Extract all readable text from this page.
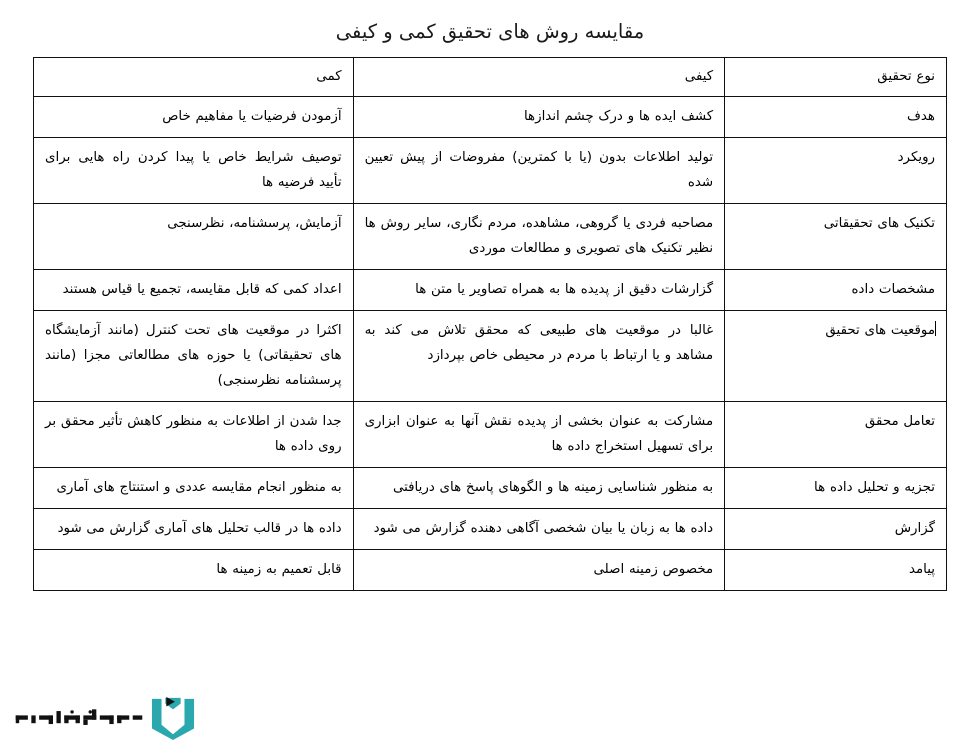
مقایسه روش های تحقیق کمی و کیفی
نوع تحقیق	کیفی	کمی
هدف	کشف ایده ها و درک چشم اندازها	آزمودن فرضیات یا مفاهیم خاص
رویکرد	تولید اطلاعات بدون (یا با کمترین) مفروضات از پیش تعیین شده	توصیف شرایط خاص یا پیدا کردن راه هایی برای تأیید فرضیه ها
تکنیک های تحقیقاتی	مصاحبه فردی یا گروهی، مشاهده، مردم نگاری، سایر روش ها نظیر تکنیک های تصویری و مطالعات موردی	آزمایش، پرسشنامه، نظرسنجی
مشخصات داده	گزارشات دقیق از پدیده ها به همراه تصاویر یا متن ها	اعداد کمی که قابل مقایسه، تجمیع یا قیاس هستند
موقعیت های تحقیق	غالبا در موقعیت های طبیعی که محقق تلاش می کند به مشاهد و یا ارتباط با مردم در محیطی خاص بپردازد	اکثرا در موقعیت های تحت کنترل (مانند آزمایشگاه های تحقیقاتی) یا حوزه های مطالعاتی مجزا (مانند پرسشنامه نظرسنجی)
تعامل محقق	مشارکت به عنوان بخشی از پدیده نقش آنها به عنوان ابزاری برای تسهیل استخراج داده ها	جدا شدن از اطلاعات به منظور کاهش تأثیر محقق بر روی داده ها
تجزیه و تحلیل داده ها	به منظور شناسایی زمینه ها و الگوهای پاسخ های دریافتی	به منظور انجام مقایسه عددی و استنتاج های آماری
گزارش	داده ها به زبان یا بیان شخصی آگاهی دهنده گزارش می شود	داده ها در قالب تحلیل های آماری گزارش می شود
پیامد	مخصوص زمینه اصلی	قابل تعمیم به زمینه ها
